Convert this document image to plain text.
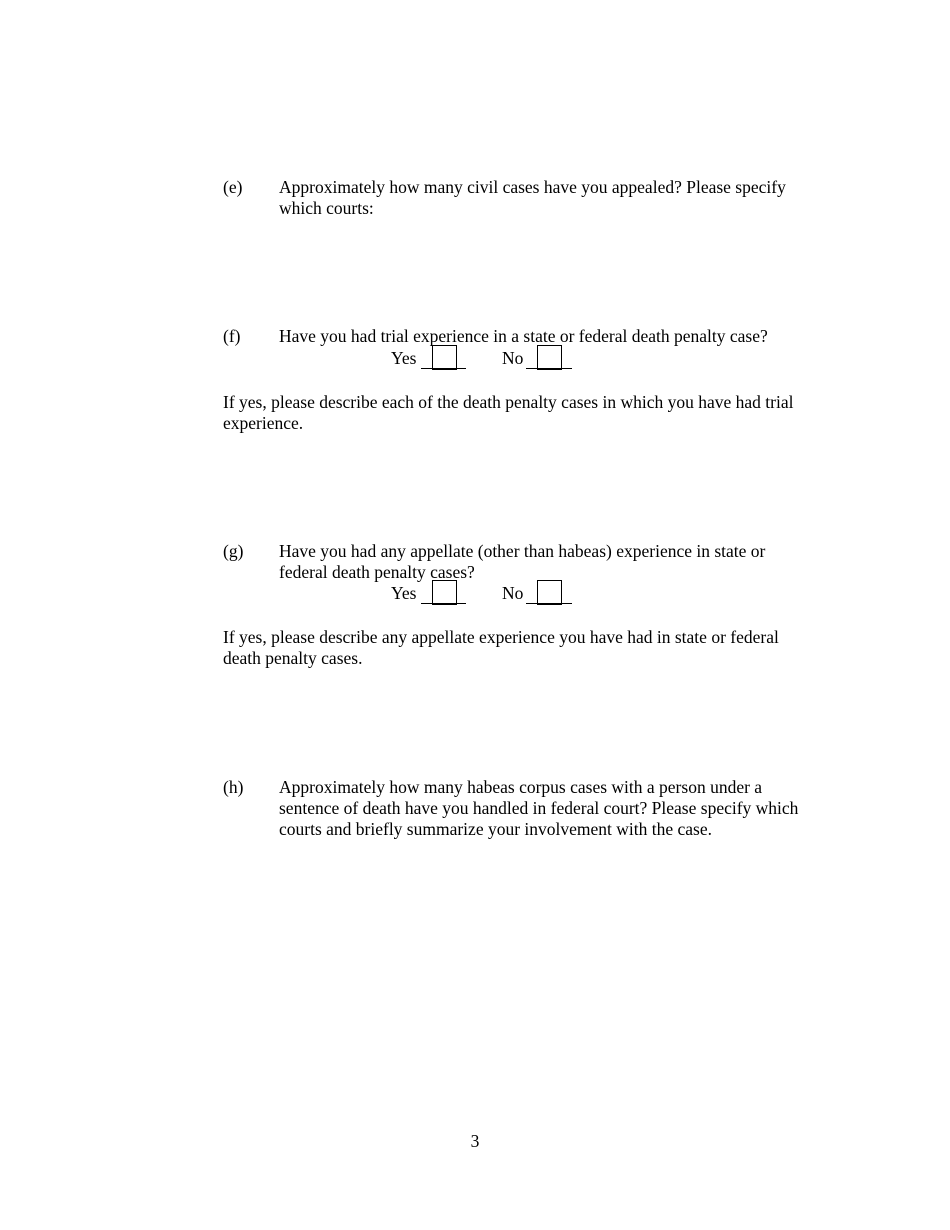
(e) Approximately how many civil cases have you appealed? Please specify
which courts:
(f) Have you had trial experience in a state or federal death penalty case?
Yes	No
If yes, please describe each of the death penalty cases in which you have had trial
experience.
(g) Have you had any appellate (other than habeas) experience in state or
federal death penalty cases?
Yes	No
If yes, please describe any appellate experience you have had in state or federal
death penalty cases.
(h) Approximately how many habeas corpus cases with a person under a
sentence of death have you handled in federal court? Please specify which
courts and briefly summarize your involvement with the case.
3
